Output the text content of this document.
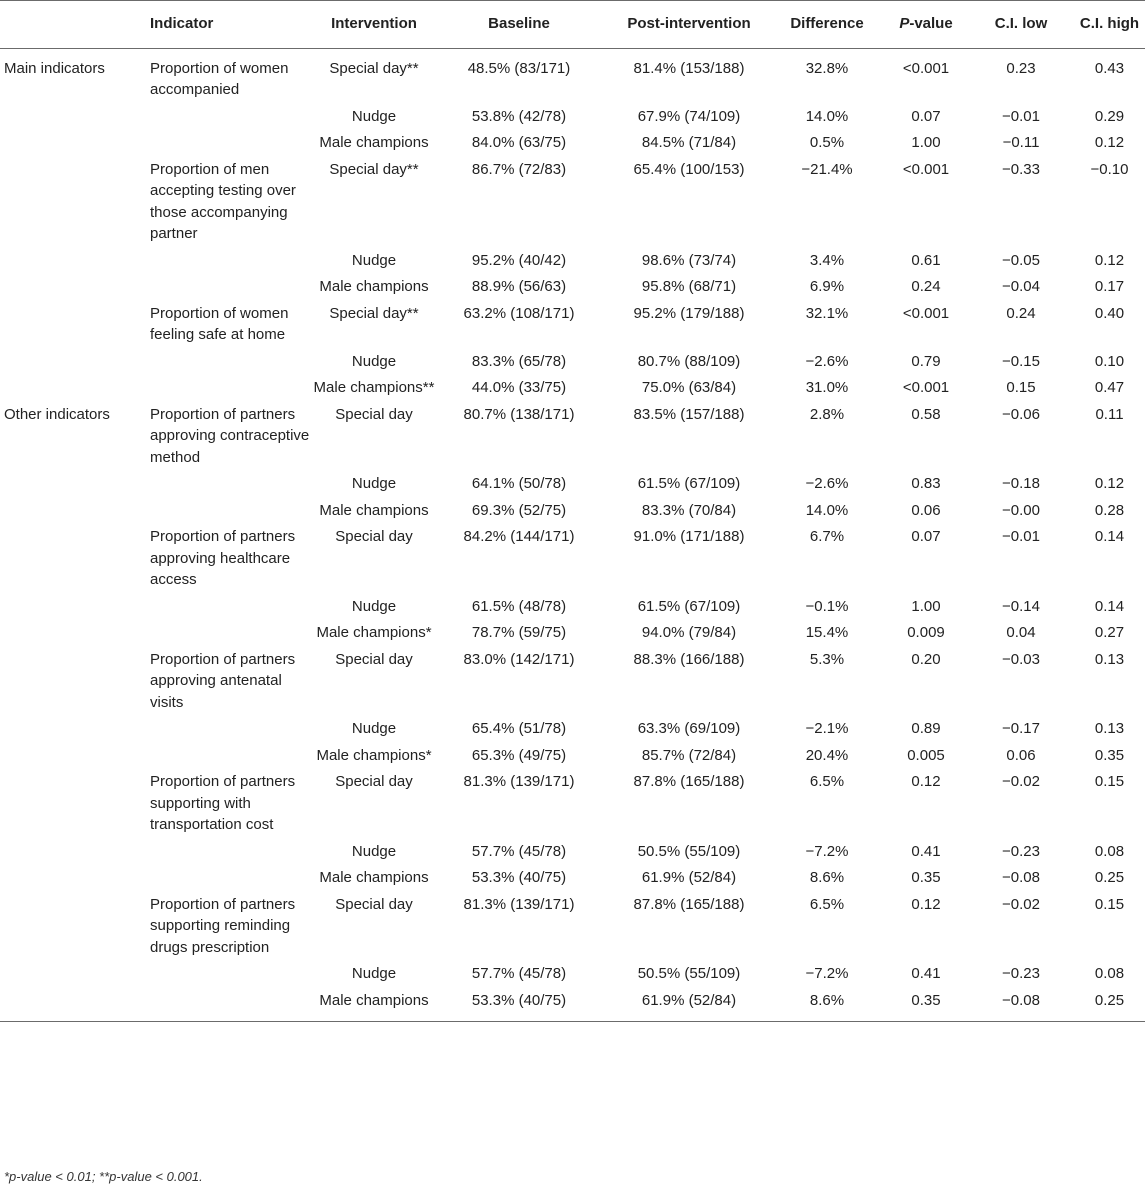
	Indicator	Intervention	Baseline	Post-intervention	Difference	P-value	C.I. low	C.I. high
Main indicators	Proportion of women accompanied	Special day**	48.5% (83/171)	81.4% (153/188)	32.8%	<0.001	0.23	0.43
		Nudge	53.8% (42/78)	67.9% (74/109)	14.0%	0.07	−0.01	0.29
		Male champions	84.0% (63/75)	84.5% (71/84)	0.5%	1.00	−0.11	0.12
	Proportion of men accepting testing over those accompanying partner	Special day**	86.7% (72/83)	65.4% (100/153)	−21.4%	<0.001	−0.33	−0.10
		Nudge	95.2% (40/42)	98.6% (73/74)	3.4%	0.61	−0.05	0.12
		Male champions	88.9% (56/63)	95.8% (68/71)	6.9%	0.24	−0.04	0.17
	Proportion of women feeling safe at home	Special day**	63.2% (108/171)	95.2% (179/188)	32.1%	<0.001	0.24	0.40
		Nudge	83.3% (65/78)	80.7% (88/109)	−2.6%	0.79	−0.15	0.10
		Male champions**	44.0% (33/75)	75.0% (63/84)	31.0%	<0.001	0.15	0.47
Other indicators	Proportion of partners approving contraceptive method	Special day	80.7% (138/171)	83.5% (157/188)	2.8%	0.58	−0.06	0.11
		Nudge	64.1% (50/78)	61.5% (67/109)	−2.6%	0.83	−0.18	0.12
		Male champions	69.3% (52/75)	83.3% (70/84)	14.0%	0.06	−0.00	0.28
	Proportion of partners approving healthcare access	Special day	84.2% (144/171)	91.0% (171/188)	6.7%	0.07	−0.01	0.14
		Nudge	61.5% (48/78)	61.5% (67/109)	−0.1%	1.00	−0.14	0.14
		Male champions*	78.7% (59/75)	94.0% (79/84)	15.4%	0.009	0.04	0.27
	Proportion of partners approving antenatal visits	Special day	83.0% (142/171)	88.3% (166/188)	5.3%	0.20	−0.03	0.13
		Nudge	65.4% (51/78)	63.3% (69/109)	−2.1%	0.89	−0.17	0.13
		Male champions*	65.3% (49/75)	85.7% (72/84)	20.4%	0.005	0.06	0.35
	Proportion of partners supporting with transportation cost	Special day	81.3% (139/171)	87.8% (165/188)	6.5%	0.12	−0.02	0.15
		Nudge	57.7% (45/78)	50.5% (55/109)	−7.2%	0.41	−0.23	0.08
		Male champions	53.3% (40/75)	61.9% (52/84)	8.6%	0.35	−0.08	0.25
	Proportion of partners supporting reminding drugs prescription	Special day	81.3% (139/171)	87.8% (165/188)	6.5%	0.12	−0.02	0.15
		Nudge	57.7% (45/78)	50.5% (55/109)	−7.2%	0.41	−0.23	0.08
		Male champions	53.3% (40/75)	61.9% (52/84)	8.6%	0.35	−0.08	0.25
*p-value < 0.01; **p-value < 0.001.
